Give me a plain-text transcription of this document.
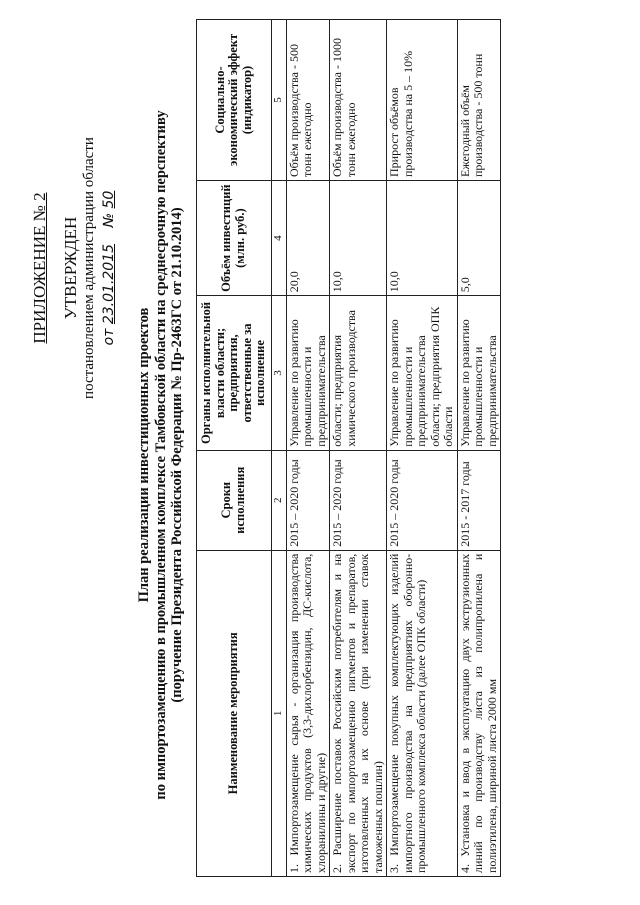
ПРИЛОЖЕНИЕ № 2 УТВЕРЖДЕН постановлением администрации области от 23.01.2015 № 50
План реализации инвестиционных проектов по импортозамещению в промышленном комплексе Тамбовской области на среднесрочную перспективу (поручение Президента Российской Федерации № Пр-2463ГС от 21.10.2014)
Наименование мероприятия	Сроки исполнения	Органы исполнительной власти области; предприятия, ответственные за исполнение	Объём инвестиций (млн. руб.)	Социально-экономический эффект (индикатор)
1	2	3	4	5
1. Импортозамещение сырья - организация производства химических продуктов (3,3-дихлорбензидин, ДС-кислота, хлоранилины и другие)	2015 – 2020 годы	Управление по развитию промышленности и предпринимательства	20,0	Объём производства - 500 тонн ежегодно
2. Расширение поставок Российским потребителям и на экспорт по импортозамещению пигментов и препаратов, изготовленных на их основе (при изменении ставок таможенных пошлин)	2015 – 2020 годы	области; предприятия химического производства	10,0	Объём производства - 1000 тонн ежегодно
3. Импортозамещение покупных комплектующих изделий импортного производства на предприятиях оборонно-промышленного комплекса области (далее ОПК области)	2015 – 2020 годы	Управление по развитию промышленности и предпринимательства области; предприятия ОПК области	10,0	Прирост объёмов производства на 5 – 10%
4. Установка и ввод в эксплуатацию двух экструзионных линий по производству листа из полипропилена и полиэтилена, шириной листа 2000 мм	2015 - 2017 годы	Управление по развитию промышленности и предпринимательства	5,0	Ежегодный объём производства - 500 тонн
